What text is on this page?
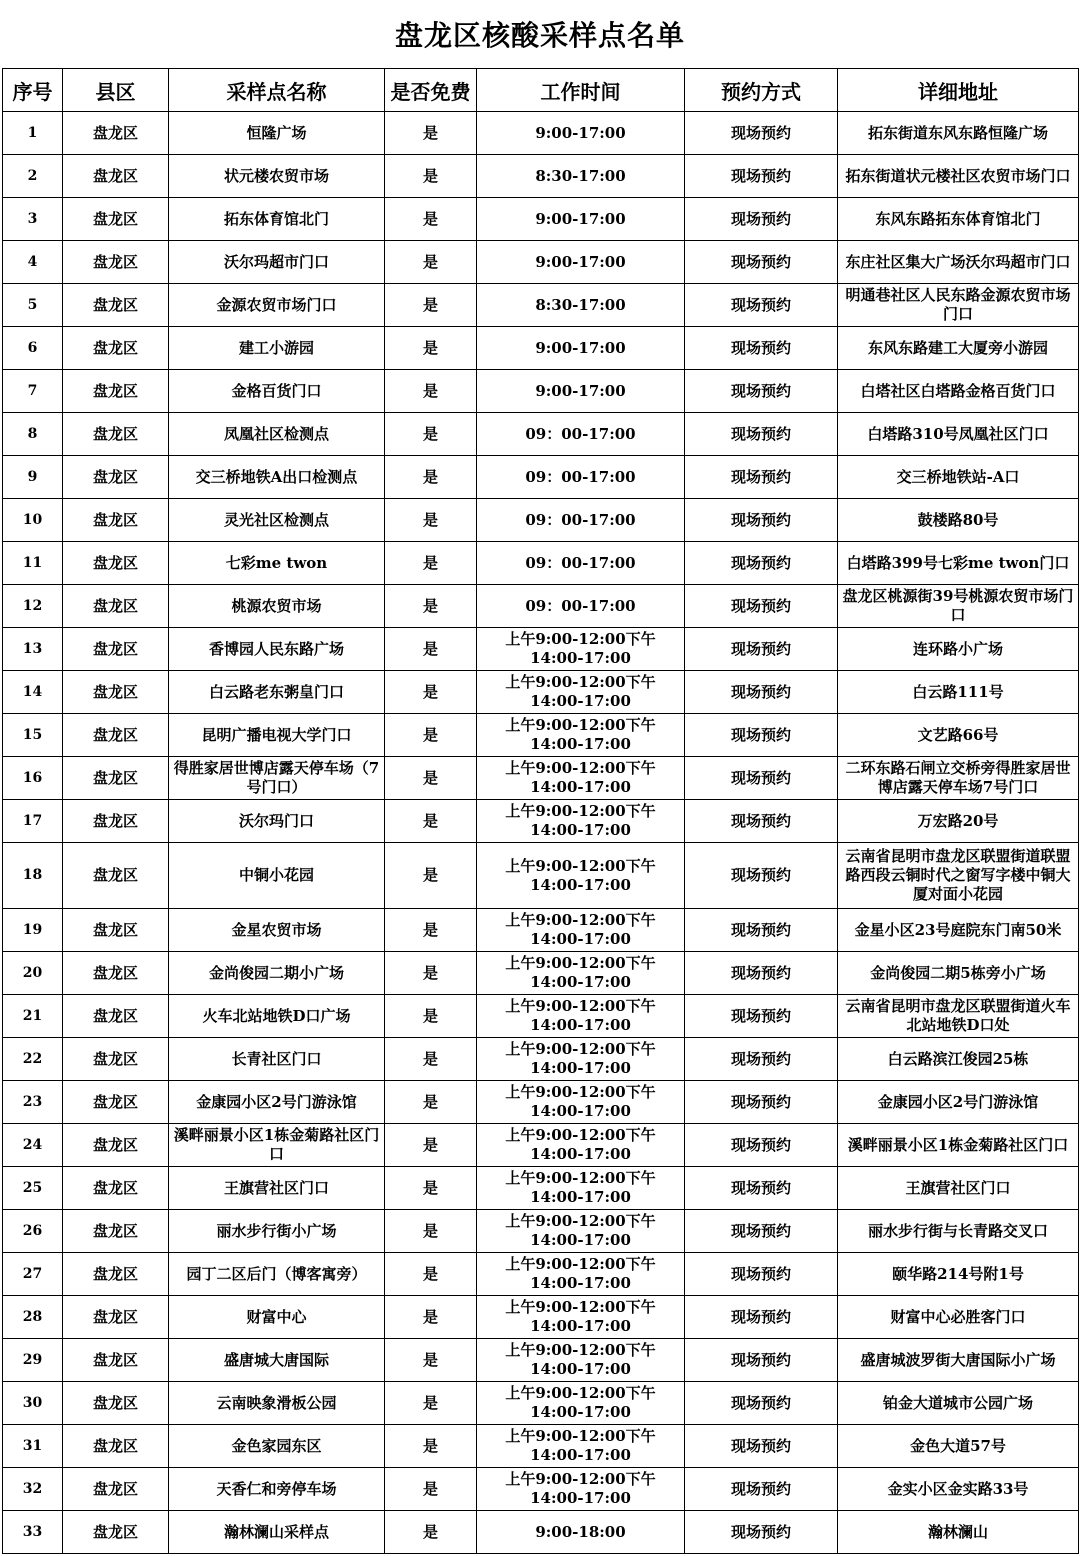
盘龙区核酸采样点名单
序号	县区	采样点名称	是否免费	工作时间	预约方式	详细地址
1	盘龙区	恒隆广场	是	9:00-17:00	现场预约	拓东街道东风东路恒隆广场
2	盘龙区	状元楼农贸市场	是	8:30-17:00	现场预约	拓东街道状元楼社区农贸市场门口
3	盘龙区	拓东体育馆北门	是	9:00-17:00	现场预约	东风东路拓东体育馆北门
4	盘龙区	沃尔玛超市门口	是	9:00-17:00	现场预约	东庄社区集大广场沃尔玛超市门口
5	盘龙区	金源农贸市场门口	是	8:30-17:00	现场预约	明通巷社区人民东路金源农贸市场门口
6	盘龙区	建工小游园	是	9:00-17:00	现场预约	东风东路建工大厦旁小游园
7	盘龙区	金格百货门口	是	9:00-17:00	现场预约	白塔社区白塔路金格百货门口
8	盘龙区	凤凰社区检测点	是	09：00-17:00	现场预约	白塔路310号凤凰社区门口
9	盘龙区	交三桥地铁A出口检测点	是	09：00-17:00	现场预约	交三桥地铁站-A口
10	盘龙区	灵光社区检测点	是	09：00-17:00	现场预约	鼓楼路80号
11	盘龙区	七彩me twon	是	09：00-17:00	现场预约	白塔路399号七彩me twon门口
12	盘龙区	桃源农贸市场	是	09：00-17:00	现场预约	盘龙区桃源街39号桃源农贸市场门口
13	盘龙区	香博园人民东路广场	是	上午9:00-12:00下午14:00-17:00	现场预约	连环路小广场
14	盘龙区	白云路老东粥皇门口	是	上午9:00-12:00下午14:00-17:00	现场预约	白云路111号
15	盘龙区	昆明广播电视大学门口	是	上午9:00-12:00下午14:00-17:00	现场预约	文艺路66号
16	盘龙区	得胜家居世博店露天停车场（7号门口）	是	上午9:00-12:00下午14:00-17:00	现场预约	二环东路石闸立交桥旁得胜家居世博店露天停车场7号门口
17	盘龙区	沃尔玛门口	是	上午9:00-12:00下午14:00-17:00	现场预约	万宏路20号
18	盘龙区	中铜小花园	是	上午9:00-12:00下午14:00-17:00	现场预约	云南省昆明市盘龙区联盟街道联盟路西段云铜时代之窗写字楼中铜大厦对面小花园
19	盘龙区	金星农贸市场	是	上午9:00-12:00下午14:00-17:00	现场预约	金星小区23号庭院东门南50米
20	盘龙区	金尚俊园二期小广场	是	上午9:00-12:00下午14:00-17:00	现场预约	金尚俊园二期5栋旁小广场
21	盘龙区	火车北站地铁D口广场	是	上午9:00-12:00下午14:00-17:00	现场预约	云南省昆明市盘龙区联盟街道火车北站地铁D口处
22	盘龙区	长青社区门口	是	上午9:00-12:00下午14:00-17:00	现场预约	白云路滨江俊园25栋
23	盘龙区	金康园小区2号门游泳馆	是	上午9:00-12:00下午14:00-17:00	现场预约	金康园小区2号门游泳馆
24	盘龙区	溪畔丽景小区1栋金菊路社区门口	是	上午9:00-12:00下午14:00-17:00	现场预约	溪畔丽景小区1栋金菊路社区门口
25	盘龙区	王旗营社区门口	是	上午9:00-12:00下午14:00-17:00	现场预约	王旗营社区门口
26	盘龙区	丽水步行街小广场	是	上午9:00-12:00下午14:00-17:00	现场预约	丽水步行街与长青路交叉口
27	盘龙区	园丁二区后门（博客寓旁）	是	上午9:00-12:00下午14:00-17:00	现场预约	颐华路214号附1号
28	盘龙区	财富中心	是	上午9:00-12:00下午14:00-17:00	现场预约	财富中心必胜客门口
29	盘龙区	盛唐城大唐国际	是	上午9:00-12:00下午14:00-17:00	现场预约	盛唐城波罗街大唐国际小广场
30	盘龙区	云南映象滑板公园	是	上午9:00-12:00下午14:00-17:00	现场预约	铂金大道城市公园广场
31	盘龙区	金色家园东区	是	上午9:00-12:00下午14:00-17:00	现场预约	金色大道57号
32	盘龙区	天香仁和旁停车场	是	上午9:00-12:00下午14:00-17:00	现场预约	金实小区金实路33号
33	盘龙区	瀚林澜山采样点	是	9:00-18:00	现场预约	瀚林澜山
